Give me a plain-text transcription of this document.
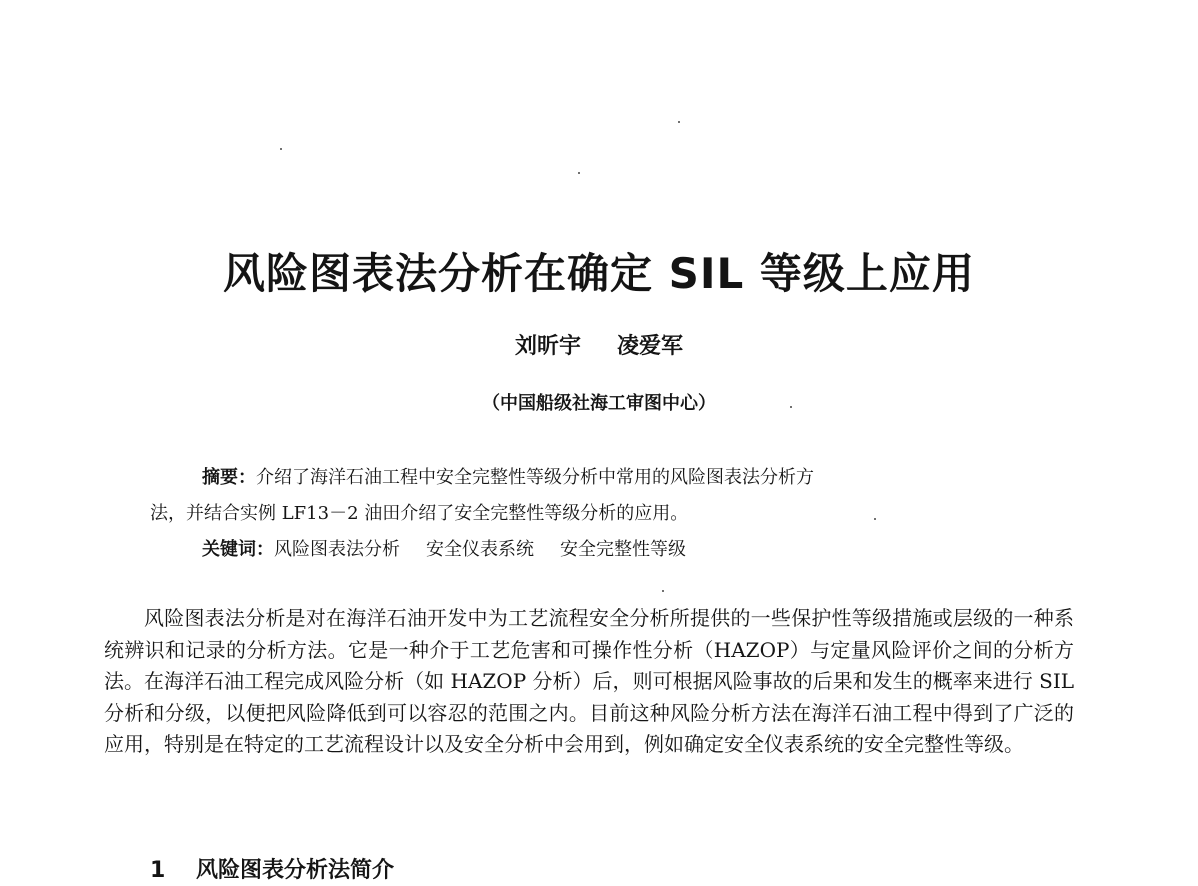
风险图表法分析在确定 SIL 等级上应用
刘昕宇 凌爱军
（中国船级社海工审图中心）
摘要：介绍了海洋石油工程中安全完整性等级分析中常用的风险图表法分析方
法，并结合实例 LF13－2 油田介绍了安全完整性等级分析的应用。
关键词：风险图表法分析 安全仪表系统 安全完整性等级

风险图表法分析是对在海洋石油开发中为工艺流程安全分析所提供的一些保护性等级措施或层级的一种系统辨识和记录的分析方法。它是一种介于工艺危害和可操作性分析（HAZOP）与定量风险评价之间的分析方法。在海洋石油工程完成风险分析（如 HAZOP 分析）后，则可根据风险事故的后果和发生的概率来进行 SIL 分析和分级，以便把风险降低到可以容忍的范围之内。目前这种风险分析方法在海洋石油工程中得到了广泛的应用，特别是在特定的工艺流程设计以及安全分析中会用到，例如确定安全仪表系统的安全完整性等级。

1 风险图表分析法简介
